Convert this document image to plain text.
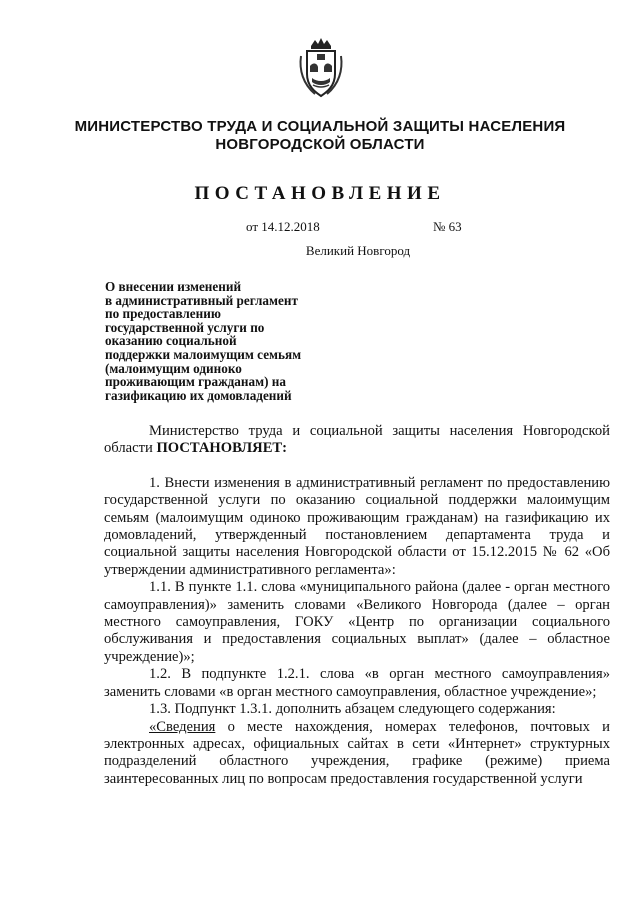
МИНИСТЕРСТВО ТРУДА И СОЦИАЛЬНОЙ ЗАЩИТЫ НАСЕЛЕНИЯ
НОВГОРОДСКОЙ ОБЛАСТИ
ПОСТАНОВЛЕНИЕ
от 14.12.2018	№ 63
Великий Новгород
О внесении изменений
в административный регламент
по предоставлению
государственной услуги по
оказанию социальной
поддержки малоимущим семьям
(малоимущим одиноко
проживающим гражданам) на
газификацию их домовладений

Министерство труда и социальной защиты населения Новгородской области ПОСТАНОВЛЯЕТ:

1. Внести изменения в административный регламент по предоставлению государственной услуги по оказанию социальной поддержки малоимущим семьям (малоимущим одиноко проживающим гражданам) на газификацию их домовладений, утвержденный постановлением департамента труда и социальной защиты населения Новгородской области от 15.12.2015 № 62 «Об утверждении административного регламента»:

1.1. В пункте 1.1. слова «муниципального района (далее - орган местного самоуправления)» заменить словами «Великого Новгорода (далее – орган местного самоуправления, ГОКУ «Центр по организации социального обслуживания и предоставления социальных выплат» (далее – областное учреждение)»;

1.2. В подпункте 1.2.1. слова «в орган местного самоуправления» заменить словами «в орган местного самоуправления, областное учреждение»;

1.3. Подпункт 1.3.1. дополнить абзацем следующего содержания:

«Сведения о месте нахождения, номерах телефонов, почтовых и электронных адресах, официальных сайтах в сети «Интернет» структурных подразделений областного учреждения, графике (режиме) приема заинтересованных лиц по вопросам предоставления государственной услуги
